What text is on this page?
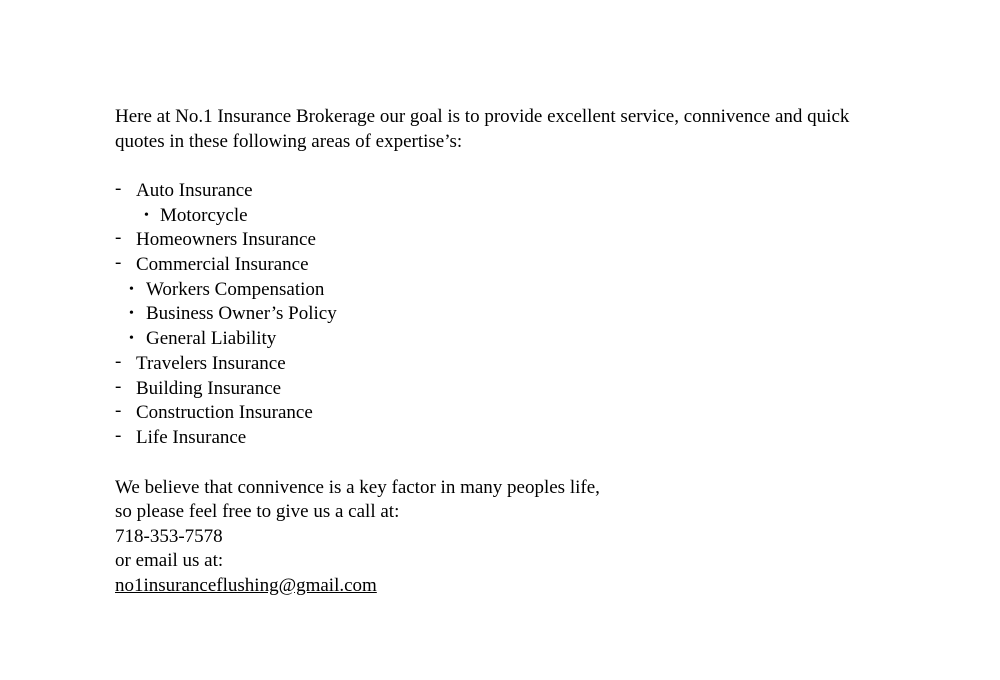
Here at No.1 Insurance Brokerage our goal is to provide excellent service, connivence and quick
quotes in these following areas of expertise’s:
- Auto Insurance
• Motorcycle
- Homeowners Insurance
- Commercial Insurance
• Workers Compensation
• Business Owner’s Policy
• General Liability
- Travelers Insurance
- Building Insurance
- Construction Insurance
- Life Insurance
We believe that connivence is a key factor in many peoples life,
so please feel free to give us a call at:
718-353-7578
or email us at:
no1insuranceflushing@gmail.com
